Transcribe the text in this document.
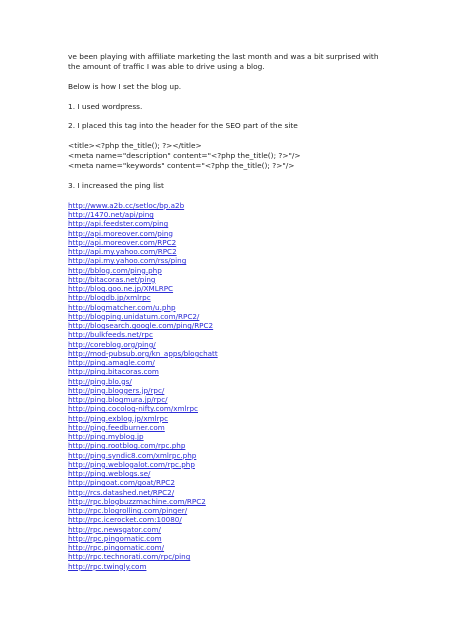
ve been playing with affiliate marketing the last month and was a bit surprised with the amount of traffic I was able to drive using a blog.

Below is how I set the blog up.

1. I used wordpress.

2. I placed this tag into the header for the SEO part of the site

<title><?php the_title(); ?></title>
<meta name="description" content="<?php the_title(); ?>"/>
<meta name="keywords" content="<?php the_title(); ?>"/>

3. I increased the ping list

http://www.a2b.cc/setloc/bp.a2b
http://1470.net/api/ping
http://api.feedster.com/ping
http://api.moreover.com/ping
http://api.moreover.com/RPC2
http://api.my.yahoo.com/RPC2
http://api.my.yahoo.com/rss/ping
http://bblog.com/ping.php
http://bitacoras.net/ping
http://blog.goo.ne.jp/XMLRPC
http://blogdb.jp/xmlrpc
http://blogmatcher.com/u.php
http://blogping.unidatum.com/RPC2/
http://blogsearch.google.com/ping/RPC2
http://bulkfeeds.net/rpc
http://coreblog.org/ping/
http://mod-pubsub.org/kn_apps/blogchatt
http://ping.amagle.com/
http://ping.bitacoras.com
http://ping.blo.gs/
http://ping.bloggers.jp/rpc/
http://ping.blogmura.jp/rpc/
http://ping.cocolog-nifty.com/xmlrpc
http://ping.exblog.jp/xmlrpc
http://ping.feedburner.com
http://ping.myblog.jp
http://ping.rootblog.com/rpc.php
http://ping.syndic8.com/xmlrpc.php
http://ping.weblogalot.com/rpc.php
http://ping.weblogs.se/
http://pingoat.com/goat/RPC2
http://rcs.datashed.net/RPC2/
http://rpc.blogbuzzmachine.com/RPC2
http://rpc.blogrolling.com/pinger/
http://rpc.icerocket.com:10080/
http://rpc.newsgator.com/
http://rpc.pingomatic.com
http://rpc.pingomatic.com/
http://rpc.technorati.com/rpc/ping
http://rpc.twingly.com
